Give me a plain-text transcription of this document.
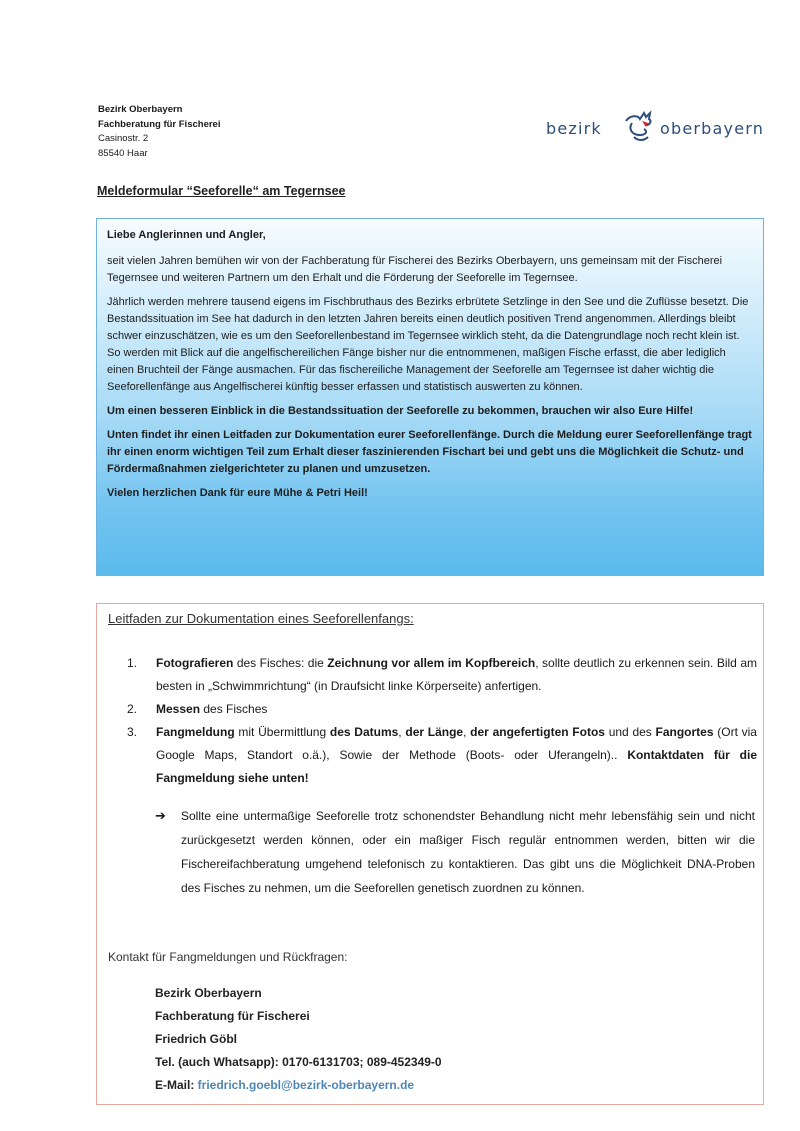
Bezirk Oberbayern
Fachberatung für Fischerei
Casinostr. 2
85540 Haar
bezirk	oberbayern
Meldeformular “Seeforelle“ am Tegernsee

Liebe Anglerinnen und Angler,

seit vielen Jahren bemühen wir von der Fachberatung für Fischerei des Bezirks Oberbayern, uns gemeinsam mit der Fischerei Tegernsee und weiteren Partnern um den Erhalt und die Förderung der Seeforelle im Tegernsee.

Jährlich werden mehrere tausend eigens im Fischbruthaus des Bezirks erbrütete Setzlinge in den See und die Zuflüsse besetzt. Die Bestandssituation im See hat dadurch in den letzten Jahren bereits einen deutlich positiven Trend angenommen. Allerdings bleibt schwer einzuschätzen, wie es um den Seeforellenbestand im Tegernsee wirklich steht, da die Datengrundlage noch recht klein ist. So werden mit Blick auf die angelfischereilichen Fänge bisher nur die entnommenen, maßigen Fische erfasst, die aber lediglich einen Bruchteil der Fänge ausmachen. Für das fischereiliche Management der Seeforelle am Tegernsee ist daher wichtig die Seeforellenfänge aus Angelfischerei künftig besser erfassen und statistisch auswerten zu können.

Um einen besseren Einblick in die Bestandssituation der Seeforelle zu bekommen, brauchen wir also Eure Hilfe!

Unten findet ihr einen Leitfaden zur Dokumentation eurer Seeforellenfänge. Durch die Meldung eurer Seeforellenfänge tragt ihr einen enorm wichtigen Teil zum Erhalt dieser faszinierenden Fischart bei und gebt uns die Möglichkeit die Schutz- und Fördermaßnahmen zielgerichteter zu planen und umzusetzen.

Vielen herzlichen Dank für eure Mühe & Petri Heil!

Leitfaden zur Dokumentation eines Seeforellenfangs:
1. Fotografieren des Fisches: die Zeichnung vor allem im Kopfbereich, sollte deutlich zu erkennen sein. Bild am besten in „Schwimmrichtung“ (in Draufsicht linke Körperseite) anfertigen.
2. Messen des Fisches
3. Fangmeldung mit Übermittlung des Datums, der Länge, der angefertigten Fotos und des Fangortes (Ort via Google Maps, Standort o.ä.), Sowie der Methode (Boots- oder Uferangeln).. Kontaktdaten für die Fangmeldung siehe unten!
➔ Sollte eine untermaßige Seeforelle trotz schonendster Behandlung nicht mehr lebensfähig sein und nicht zurückgesetzt werden können, oder ein maßiger Fisch regulär entnommen werden, bitten wir die Fischereifachberatung umgehend telefonisch zu kontaktieren. Das gibt uns die Möglichkeit DNA-Proben des Fisches zu nehmen, um die Seeforellen genetisch zuordnen zu können.
Kontakt für Fangmeldungen und Rückfragen:
Bezirk Oberbayern
Fachberatung für Fischerei
Friedrich Göbl
Tel. (auch Whatsapp): 0170-6131703; 089-452349-0
E-Mail: friedrich.goebl@bezirk-oberbayern.de
